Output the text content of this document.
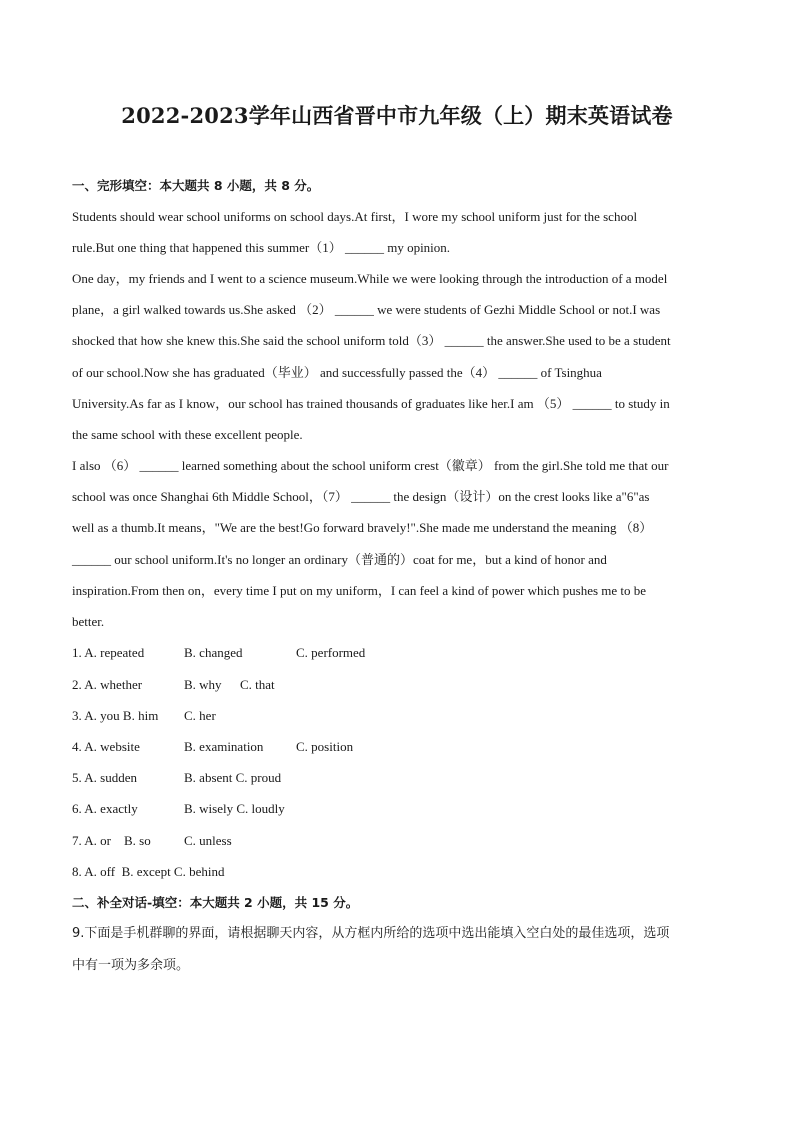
2022-2023学年山西省晋中市九年级（上）期末英语试卷
一、完形填空：本大题共 8 小题，共 8 分。
Students should wear school uniforms on school days.At first，I wore my school uniform just for the school
rule.But one thing that happened this summer（1） ______ my opinion.
One day，my friends and I went to a science museum.While we were looking through the introduction of a model
plane，a girl walked towards us.She asked （2） ______ we were students of Gezhi Middle School or not.I was
shocked that how she knew this.She said the school uniform told（3） ______ the answer.She used to be a student
of our school.Now she has graduated（毕业） and successfully passed the（4） ______ of Tsinghua
University.As far as I know，our school has trained thousands of graduates like her.I am （5） ______ to study in
the same school with these excellent people.
I also （6） ______ learned something about the school uniform crest（徽章） from the girl.She told me that our
school was once Shanghai 6th Middle School，（7） ______ the design（设计）on the crest looks like a"6"as
well as a thumb.It means，"We are the best!Go forward bravely!".She made me understand the meaning （8）
______ our school uniform.It's no longer an ordinary（普通的）coat for me，but a kind of honor and
inspiration.From then on，every time I put on my uniform，I can feel a kind of power which pushes me to be
better.
1. A. repeated	B. changed	C. performed
2. A. whether	B. why C. that
3. A. you B. him C. her
4. A. website	B. examination	C. position
5. A. sudden	B. absent C. proud
6. A. exactly	B. wisely C. loudly
7. A. or    B. so	C. unless
8. A. off  B. except C. behind
二、补全对话-填空：本大题共 2 小题，共 15 分。
9.下面是手机群聊的界面，请根据聊天内容，从方框内所给的选项中选出能填入空白处的最佳选项，选项
中有一项为多余项。
